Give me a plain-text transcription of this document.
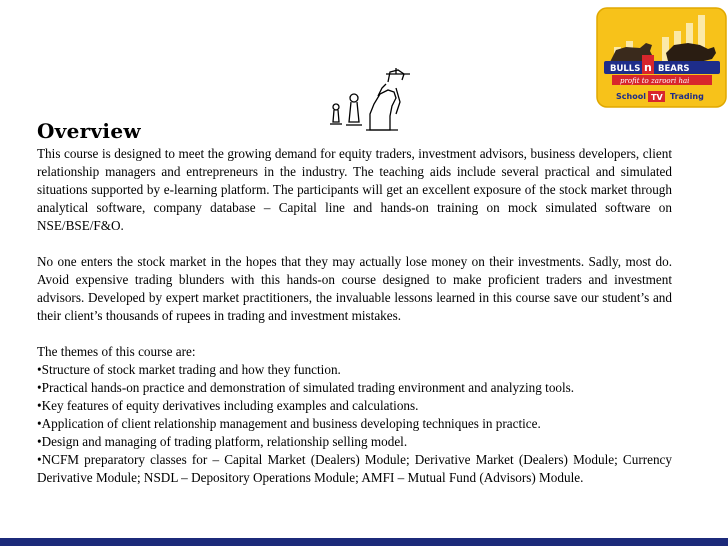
BULLS n BEARS
profit to zaroori hai
School TV Trading
Overview

This course is designed to meet the growing demand for equity traders, investment advisors, business developers, client relationship managers and entrepreneurs in the industry. The teaching aids include several practical and simulated situations supported by e-learning platform. The participants will get an excellent exposure of the stock market through analytical software, company database – Capital line and hands-on training on mock simulated software on NSE/BSE/F&O.

No one enters the stock market in the hopes that they may actually lose money on their investments. Sadly, most do. Avoid expensive trading blunders with this hands-on course designed to make proficient traders and investment advisors. Developed by expert market practitioners, the invaluable lessons learned in this course save our student’s and their client’s thousands of rupees in trading and investment mistakes.

The themes of this course are:

•Structure of stock market trading and how they function.

•Practical hands-on practice and demonstration of simulated trading environment and analyzing tools.

•Key features of equity derivatives including examples and calculations.

•Application of client relationship management and business developing techniques in practice.

•Design and managing of trading platform, relationship selling model.

•NCFM preparatory classes for – Capital Market (Dealers) Module; Derivative Market (Dealers) Module; Currency Derivative Module; NSDL – Depository Operations Module; AMFI – Mutual Fund (Advisors) Module.
